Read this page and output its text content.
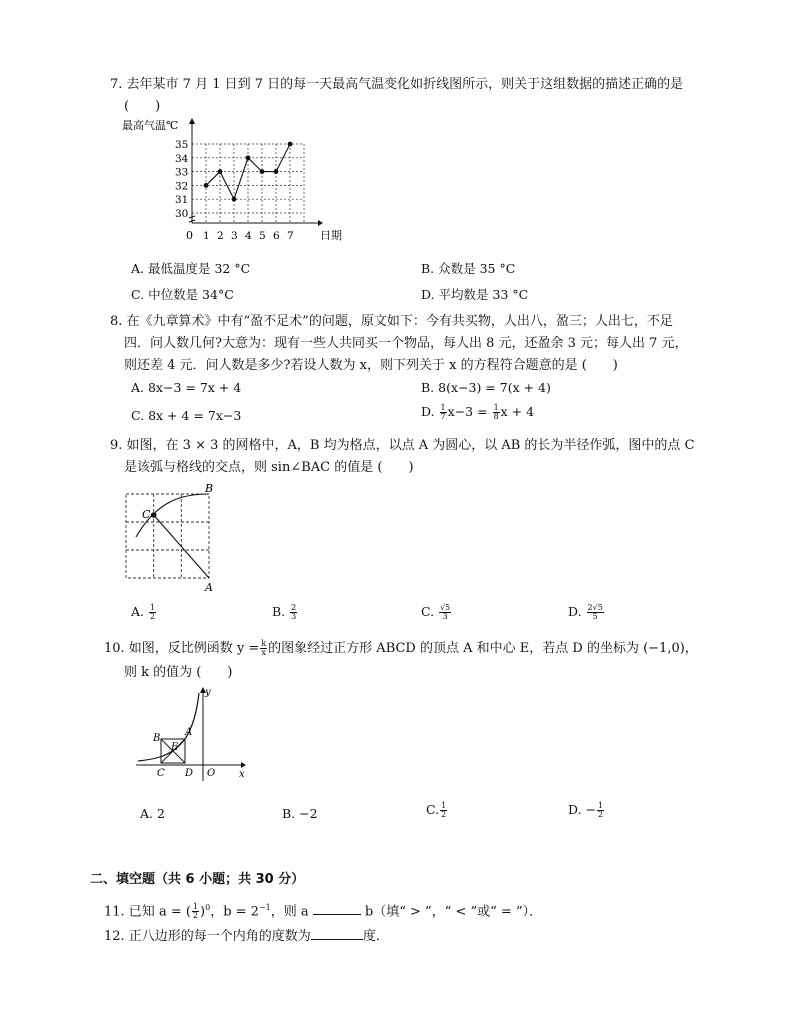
7. 去年某市 7 月 1 日到 7 日的每一天最高气温变化如折线图所示，则关于这组数据的描述正确的是
(　　)
最高气温℃
30
31
32
33
34
35
1 2 3 4 5 6 7
0	日期
A. 最低温度是 32 °C	B. 众数是 35 °C
C. 中位数是 34°C	D. 平均数是 33 °C
8. 在《九章算术》中有“盈不足术”的问题，原文如下：今有共买物，人出八，盈三；人出七，不足
四．问人数几何?大意为：现有一些人共同买一个物品，每人出 8 元，还盈余 3 元；每人出 7 元，
则还差 4 元．问人数是多少?若设人数为 x，则下列关于 x 的方程符合题意的是 (　　)
A. 8x−3 = 7x + 4	B. 8(x−3) = 7(x + 4)
C. 8x + 4 = 7x−3	D. $\frac{1}{7} x-3 = \frac{1}{8}$ x + 4
9. 如图，在 3 × 3 的网格中，A，B 均为格点，以点 A 为圆心，以 AB 的长为半径作弧，图中的点 C
是该弧与格线的交点，则 sin∠BAC 的值是 (　　)
B
C
A
A. $\frac{1}{2}$	B. $\frac{2}{3}$	C. $\frac{√5}{3}$	D. $\frac{2√5}{5}$
10. 如图，反比例函数 $y = \frac{k}{x}$ 的图象经过正方形 ABCD 的顶点 A 和中心 E，若点 D 的坐标为 (−1,0)，
则 k 的值为 (　　)
y
x
A
B
E
C D O
A. 2	B. −2	C. $\frac{1}{2}$	D. − $\frac{1}{2}$
二、填空题（共 6 小题；共 30 分）
11. 已知 a = ( $\frac{1}{2} )^0$，$b = 2^{-1}$，则 a	b（填“ > ”，“ < ”或“ = ”）．
12. 正八边形的每一个内角的度数为	度．
